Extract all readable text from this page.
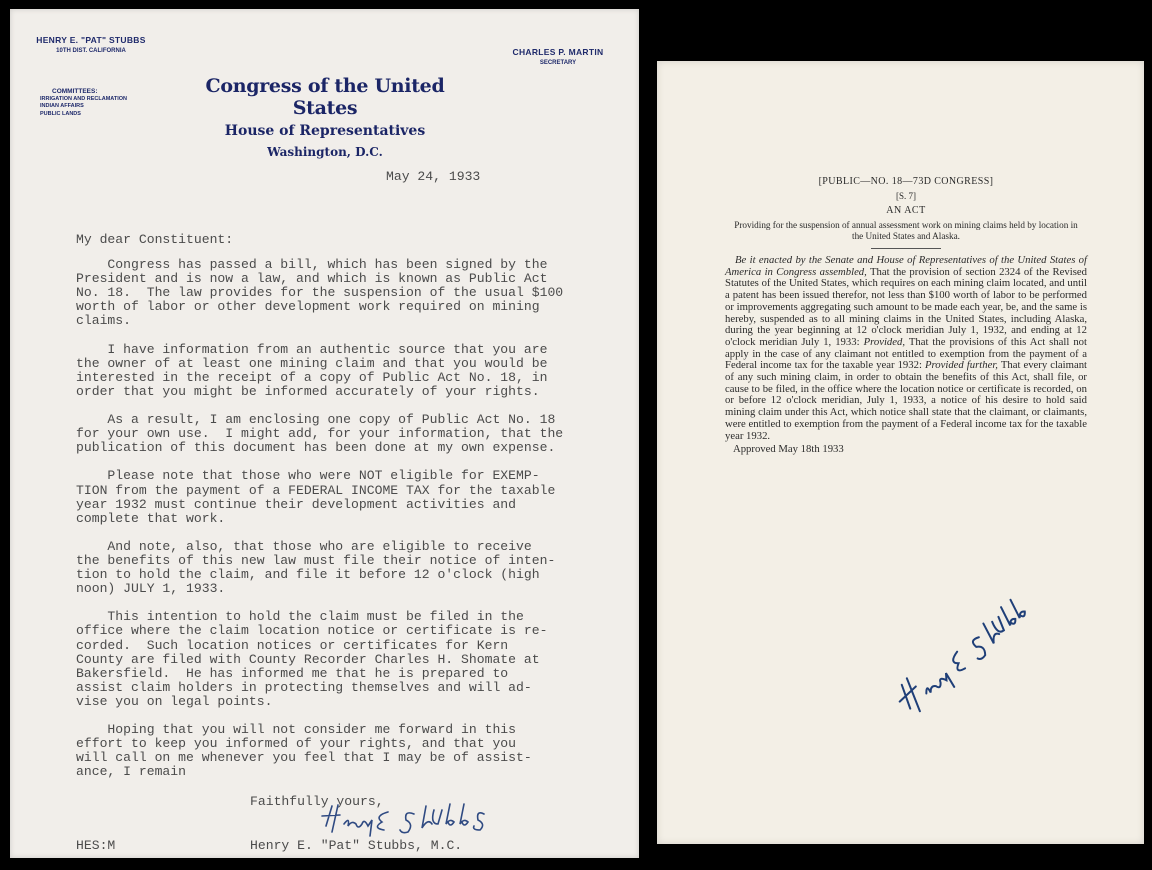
HENRY E. "PAT" STUBBS
10TH DIST. CALIFORNIA	CHARLES P. MARTIN
SECRETARY
COMMITTEES:
IRRIGATION AND RECLAMATION
INDIAN AFFAIRS
PUBLIC LANDS
Congress of the United States
House of Representatives
Washington, D.C.
May 24, 1933
My dear Constituent:

Congress has passed a bill, which has been signed by the
President and is now a law, and which is known as Public Act
No. 18.  The law provides for the suspension of the usual $100
worth of labor or other development work required on mining
claims.

I have information from an authentic source that you are
the owner of at least one mining claim and that you would be
interested in the receipt of a copy of Public Act No. 18, in
order that you might be informed accurately of your rights.

As a result, I am enclosing one copy of Public Act No. 18
for your own use.  I might add, for your information, that the
publication of this document has been done at my own expense.

Please note that those who were NOT eligible for EXEMP-
TION from the payment of a FEDERAL INCOME TAX for the taxable
year 1932 must continue their development activities and
complete that work.

And note, also, that those who are eligible to receive
the benefits of this new law must file their notice of inten-
tion to hold the claim, and file it before 12 o'clock (high
noon) JULY 1, 1933.

This intention to hold the claim must be filed in the
office where the claim location notice or certificate is re-
corded.  Such location notices or certificates for Kern
County are filed with County Recorder Charles H. Shomate at
Bakersfield.  He has informed me that he is prepared to
assist claim holders in protecting themselves and will ad-
vise you on legal points.

Hoping that you will not consider me forward in this
effort to keep you informed of your rights, and that you
will call on me whenever you feel that I may be of assist-
ance, I remain

Faithfully yours,
HES:M	Henry E. "Pat" Stubbs, M.C.
[PUBLIC—NO. 18—73D CONGRESS]
[S. 7]
AN ACT
Providing for the suspension of annual assessment work on mining claims held by location in the United States and Alaska.

Be it enacted by the Senate and House of Representatives of the United States of America in Congress assembled, That the provision of section 2324 of the Revised Statutes of the United States, which requires on each mining claim located, and until a patent has been issued therefor, not less than $100 worth of labor to be performed or improvements aggregating such amount to be made each year, be, and the same is hereby, suspended as to all mining claims in the United States, including Alaska, during the year beginning at 12 o'clock meridian July 1, 1932, and ending at 12 o'clock meridian July 1, 1933: Provided, That the provisions of this Act shall not apply in the case of any claimant not entitled to exemption from the payment of a Federal income tax for the taxable year 1932: Provided further, That every claimant of any such mining claim, in order to obtain the benefits of this Act, shall file, or cause to be filed, in the office where the location notice or certificate is recorded, on or before 12 o'clock meridian, July 1, 1933, a notice of his desire to hold said mining claim under this Act, which notice shall state that the claimant, or claimants, were entitled to exemption from the payment of a Federal income tax for the taxable year 1932.

Approved May 18th 1933
